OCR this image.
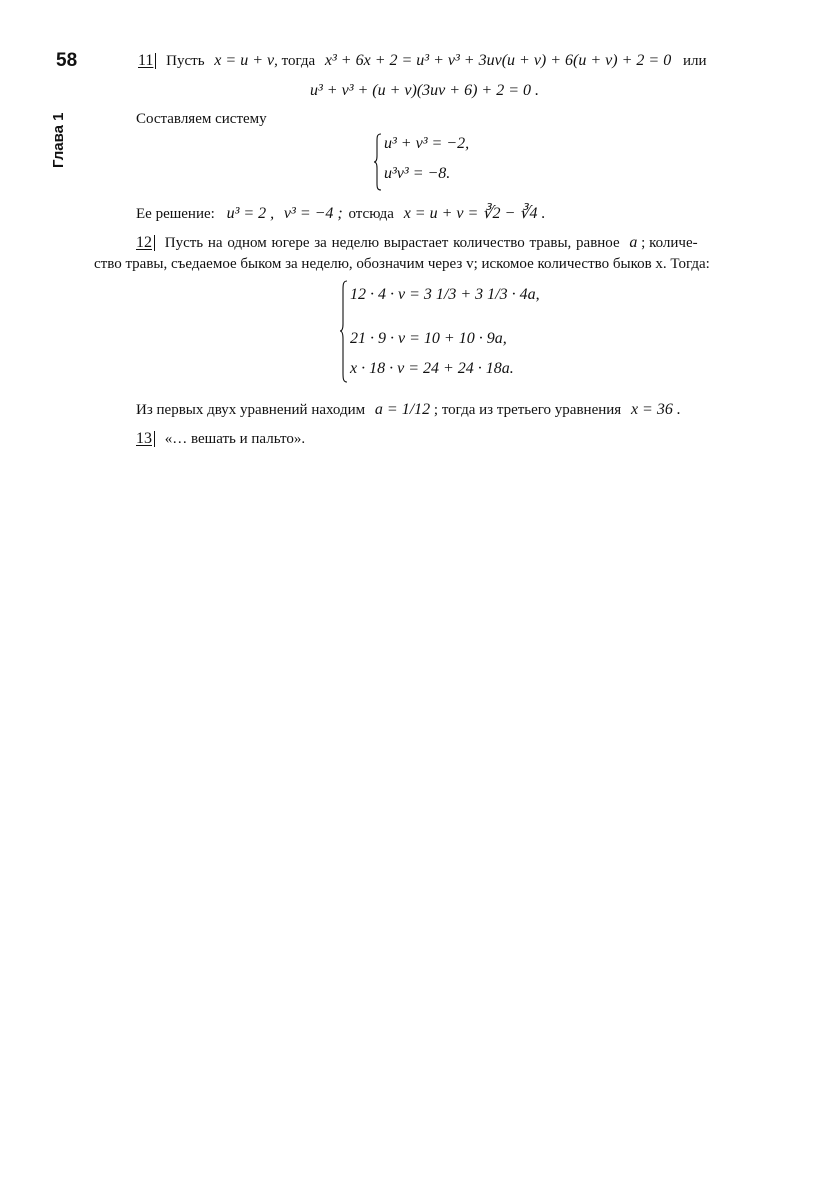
58
Глава 1
11 Пусть x = u + v, тогда x³ + 6x + 2 = u³ + v³ + 3uv(u + v) + 6(u + v) + 2 = 0 или
u³ + v³ + (u + v)(3uv + 6) + 2 = 0 .
Составляем систему
u³ + v³ = −2,
u³v³ = −8.
Ее решение: u³ = 2 , v³ = −4 ; отсюда x = u + v = ∛2 − ∛4 .
12 Пусть на одном югере за неделю вырастает количество травы, равное a ; количе-
ство травы, съедаемое быком за неделю, обозначим через v; искомое количество быков x. Тогда:
12 · 4 · v = 3 1/3 + 3 1/3 · 4a,
21 · 9 · v = 10 + 10 · 9a,
x · 18 · v = 24 + 24 · 18a.
Из первых двух уравнений находим a = 1/12 ; тогда из третьего уравнения x = 36 .
13 «… вешать и пальто».
